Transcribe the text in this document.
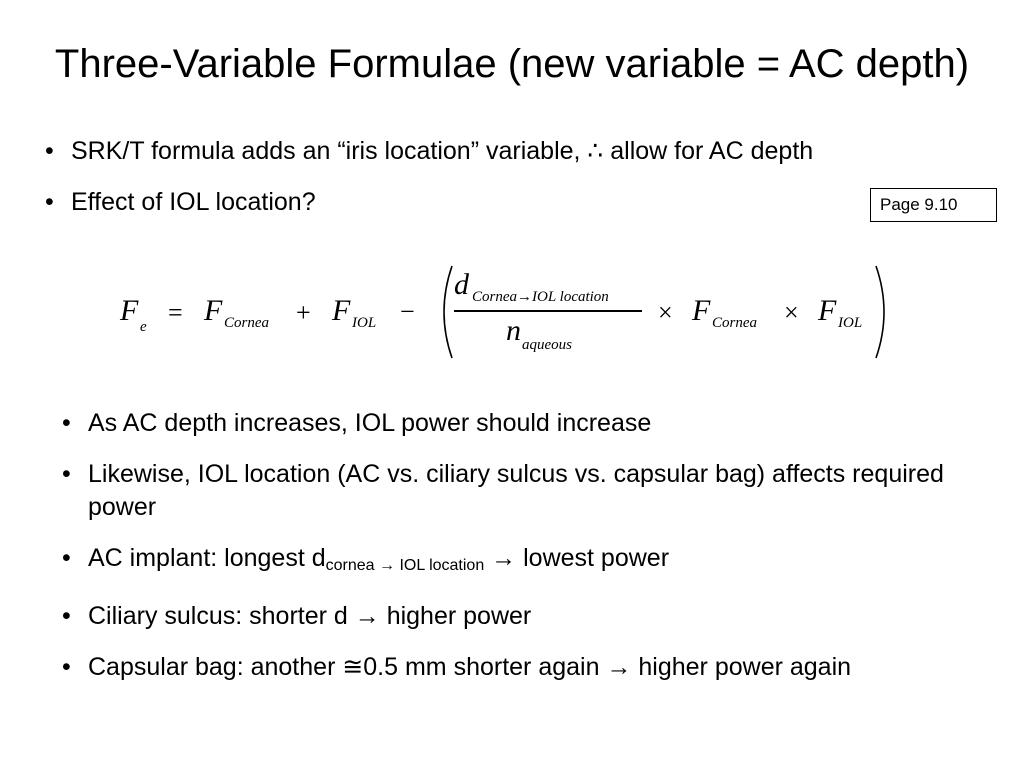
Three-Variable Formulae (new variable = AC depth)
• SRK/T formula adds an “iris location” variable, ∴ allow for AC depth
• Effect of IOL location?	Page 9.10
F e = F Cornea + F IOL −
d Cornea→IOL location
n aqueous
× F Cornea × F IOL
• As AC depth increases, IOL power should increase
• Likewise, IOL location (AC vs. ciliary sulcus vs. capsular bag) affects required power
• AC implant: longest dcornea → IOL location → lowest power
• Ciliary sulcus: shorter d → higher power
• Capsular bag: another ≅0.5 mm shorter again → higher power again
